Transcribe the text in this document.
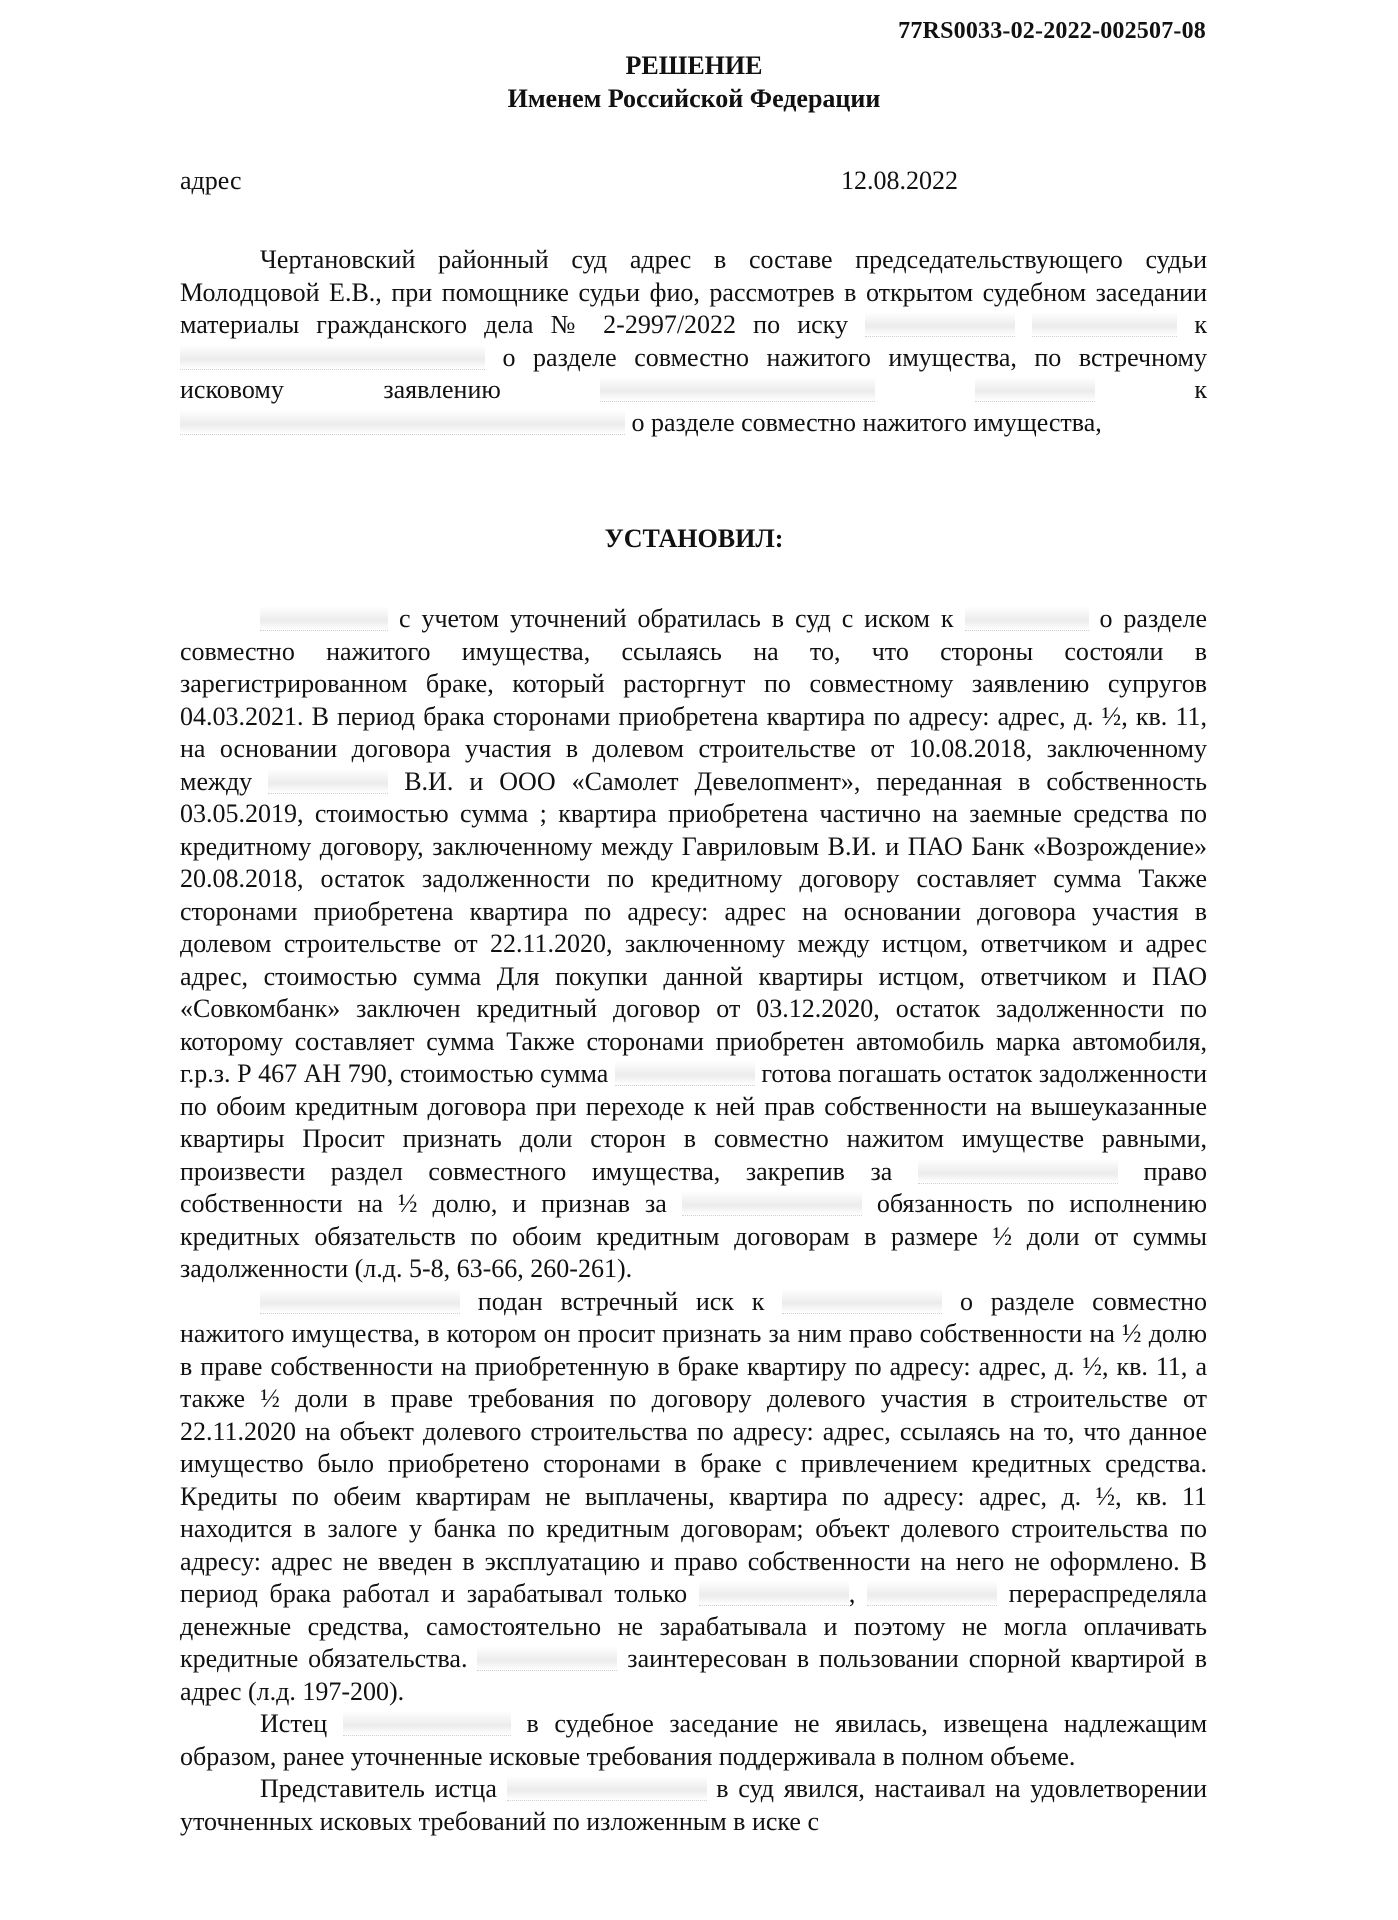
77RS0033-02-2022-002507-08
РЕШЕНИЕ
Именем Российской Федерации
адрес	12.08.2022

Чертановский районный суд адрес в составе председательствующего судьи Молодцовой Е.В., при помощнике судьи фио, рассмотрев в открытом судебном заседании материалы гражданского дела № 2-2997/2022 по иску	к  о разделе совместно нажитого имущества, по встречному исковому заявлению	к  о разделе совместно нажитого имущества,

УСТАНОВИЛ:

с учетом уточнений обратилась в суд с иском к	о разделе совместно нажитого имущества, ссылаясь на то, что стороны состояли в зарегистрированном браке, который расторгнут по совместному заявлению супругов 04.03.2021. В период брака сторонами приобретена квартира по адресу: адрес, д. ½, кв. 11, на основании договора участия в долевом строительстве от 10.08.2018, заключенному между	В.И. и ООО «Самолет Девелопмент», переданная в собственность 03.05.2019, стоимостью сумма ; квартира приобретена частично на заемные средства по кредитному договору, заключенному между Гавриловым В.И. и ПАО Банк «Возрождение» 20.08.2018, остаток задолженности по кредитному договору составляет сумма Также сторонами приобретена квартира по адресу: адрес на основании договора участия в долевом строительстве от 22.11.2020, заключенному между истцом, ответчиком и адрес адрес, стоимостью сумма Для покупки данной квартиры истцом, ответчиком и ПАО «Совкомбанк» заключен кредитный договор от 03.12.2020, остаток задолженности по которому составляет сумма Также сторонами приобретен автомобиль марка автомобиля, г.р.з. Р 467 АН 790, стоимостью сумма	готова погашать остаток задолженности по обоим кредитным договора при переходе к ней прав собственности на вышеуказанные квартиры Просит признать доли сторон в совместно нажитом имуществе равными, произвести раздел совместного имущества, закрепив за	право собственности на ½ долю, и признав за	обязанность по исполнению кредитных обязательств по обоим кредитным договорам в размере ½ доли от суммы задолженности (л.д. 5-8, 63-66, 260-261).

подан встречный иск к	о разделе совместно нажитого имущества, в котором он просит признать за ним право собственности на ½ долю в праве собственности на приобретенную в браке квартиру по адресу: адрес, д. ½, кв. 11, а также ½ доли в праве требования по договору долевого участия в строительстве от 22.11.2020 на объект долевого строительства по адресу: адрес, ссылаясь на то, что данное имущество было приобретено сторонами в браке с привлечением кредитных средства. Кредиты по обеим квартирам не выплачены, квартира по адресу: адрес, д. ½, кв. 11 находится в залоге у банка по кредитным договорам; объект долевого строительства по адресу: адрес не введен в эксплуатацию и право собственности на него не оформлено. В период брака работал и зарабатывал только	,	перераспределяла денежные средства, самостоятельно не зарабатывала и поэтому не могла оплачивать кредитные обязательства.	заинтересован в пользовании спорной квартирой в адрес (л.д. 197-200).

Истец	в судебное заседание не явилась, извещена надлежащим образом, ранее уточненные исковые требования поддерживала в полном объеме.

Представитель истца	в суд явился, настаивал на удовлетворении уточненных исковых требований по изложенным в иске с
